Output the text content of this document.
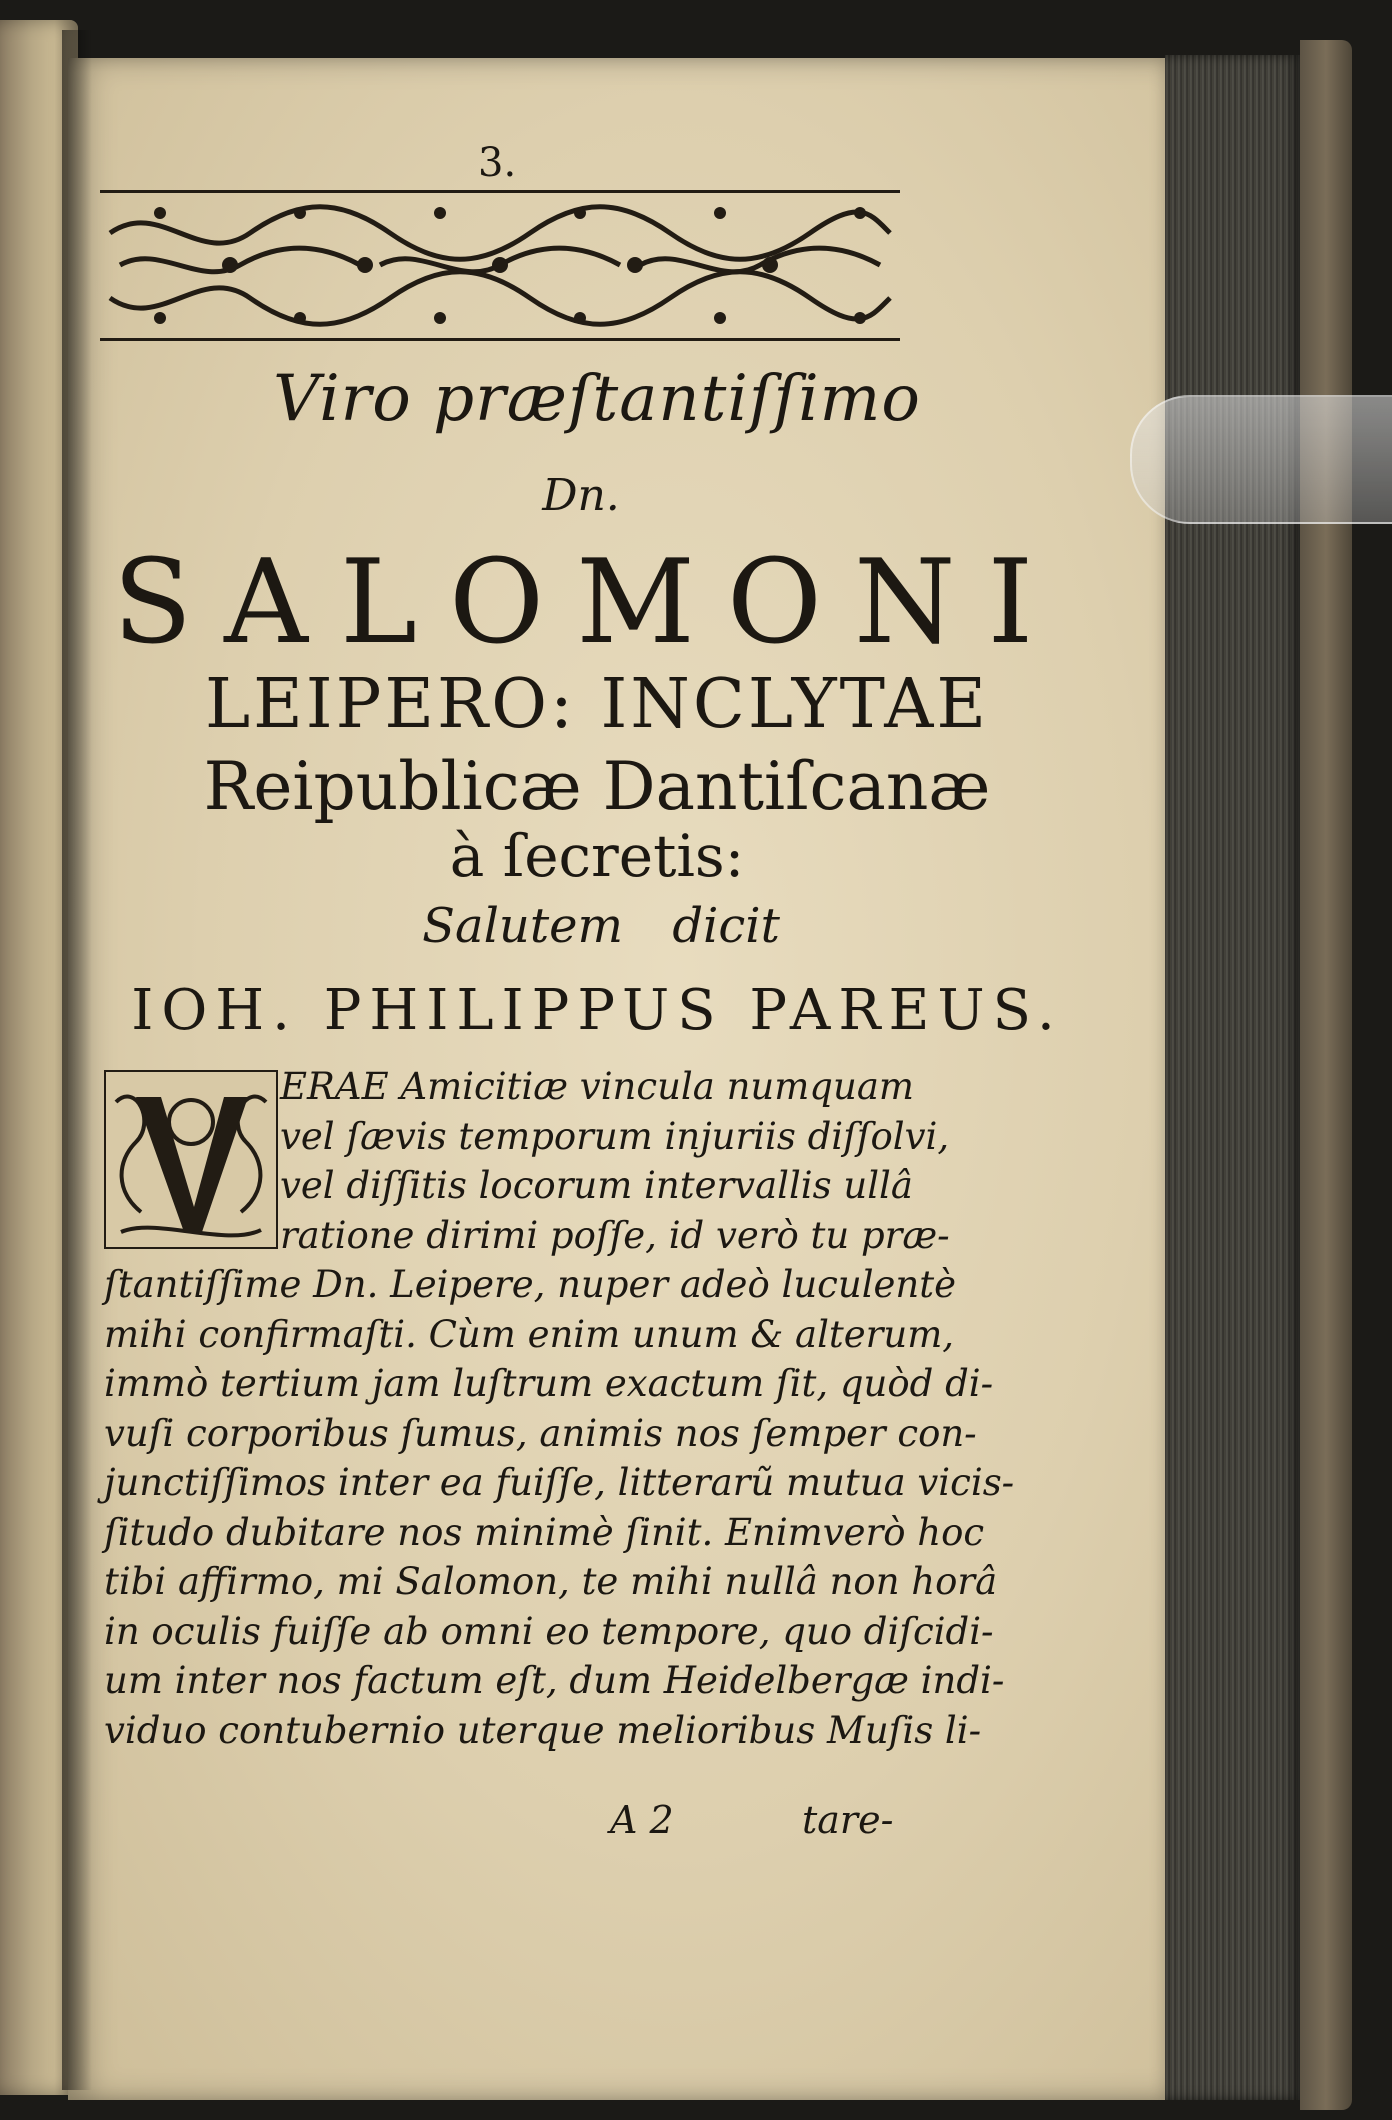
3.
Viro præſtantiſſimo
Dn.
SALOMONI
LEIPERO: INCLYTAE
Reipublicæ Dantiſcanæ
à ſecretis:
Salutem dicit
IOH. PHILIPPUS PAREUS.
ERAE Amicitiæ vincula numquam
vel ſævis temporum injuriis diſſolvi,
vel diſſitis locorum intervallis ullâ
ratione dirimi poſſe, id verò tu præ-
ſtantiſſime Dn. Leipere, nuper adeò luculentè
mihi confirmaſti. Cùm enim unum & alterum,
immò tertium jam luſtrum exactum ſit, quòd di-
vuſi corporibus ſumus, animis nos ſemper con-
junctiſſimos inter ea fuiſſe, litterarũ mutua vicis-
ſitudo dubitare nos minimè ſinit. Enimverò hoc
tibi affirmo, mi Salomon, te mihi nullâ non horâ
in oculis fuiſſe ab omni eo tempore, quo diſcidi-
um inter nos factum eſt, dum Heidelbergæ indi-
viduo contubernio uterque melioribus Muſis li-
A 2	tare-
